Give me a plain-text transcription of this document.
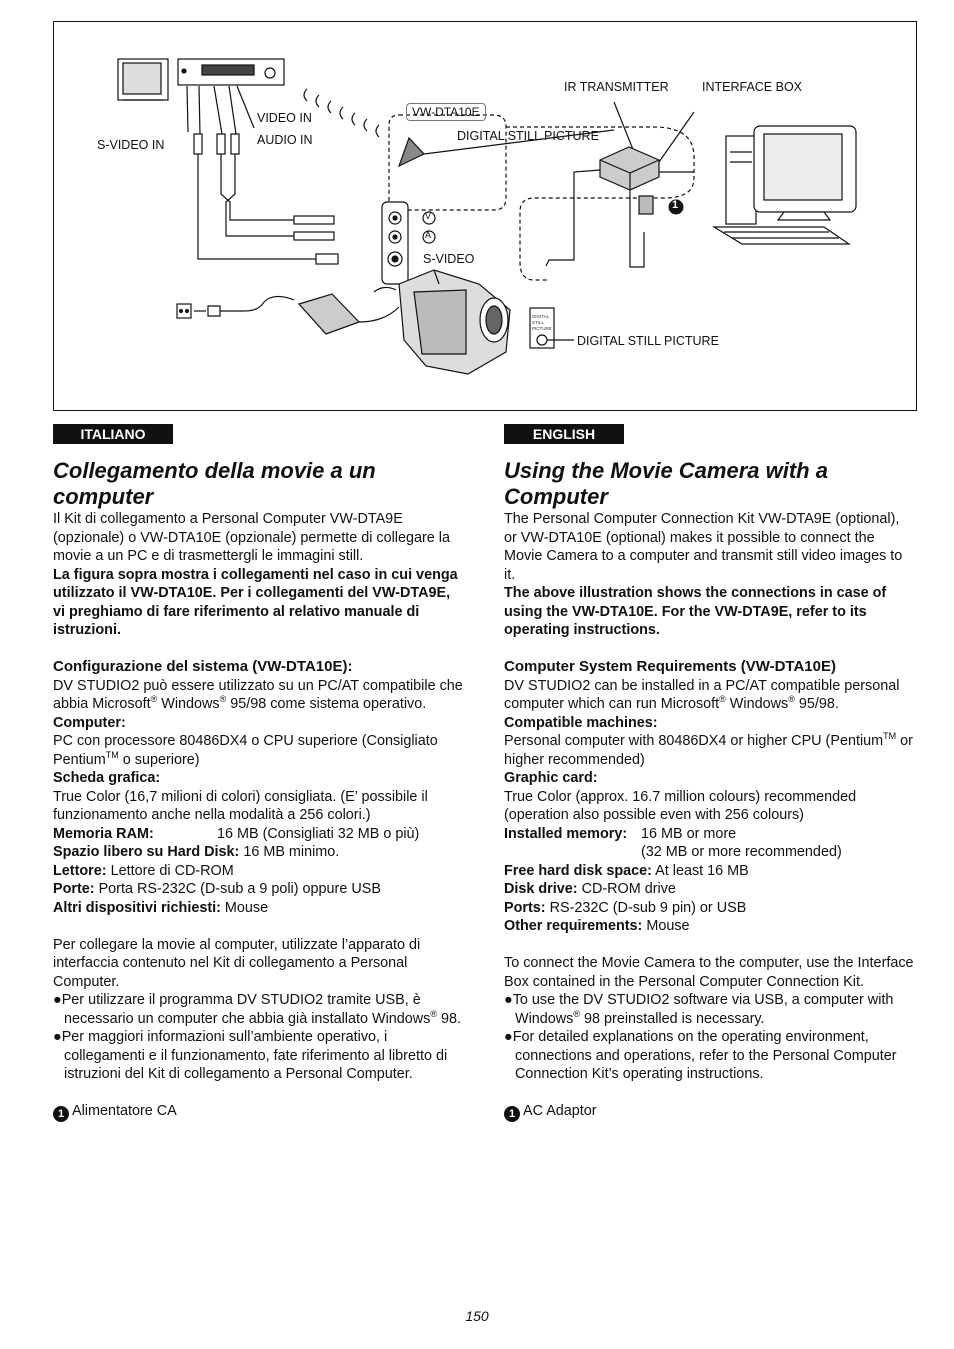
VIDEO IN
AUDIO IN
S-VIDEO IN
VW-DTA10E
IR TRANSMITTER	INTERFACE BOX
DIGITAL STILL PICTURE
S-VIDEO
DIGITAL STILL PICTURE
V
A
1
DIGITAL
STILL
PICTURE
ITALIANO	ENGLISH

Collegamento della movie a un computer

Il Kit di collegamento a Personal Computer VW-DTA9E (opzionale) o VW-DTA10E (opzionale) permette di collegare la movie a un PC e di trasmettergli le immagini still.

La figura sopra mostra i collegamenti nel caso in cui venga utilizzato il VW-DTA10E. Per i collegamenti del VW-DTA9E, vi preghiamo di fare riferimento al relativo manuale di istruzioni.

Configurazione del sistema (VW-DTA10E):

DV STUDIO2 può essere utilizzato su un PC/AT compatibile che abbia Microsoft® Windows® 95/98 come sistema operativo.

Computer:

PC con processore 80486DX4 o CPU superiore (Consigliato Pentium™ o superiore)

Scheda grafica:

True Color (16,7 milioni di colori) consigliata. (E’ possibile il funzionamento anche nella modalità a 256 colori.)

Memoria RAM:	16 MB (Consigliati 32 MB o più)

Spazio libero su Hard Disk: 16 MB minimo.

Lettore: Lettore di CD-ROM

Porte: Porta RS-232C (D-sub a 9 poli) oppure USB

Altri dispositivi richiesti: Mouse

Per collegare la movie al computer, utilizzate l’apparato di interfaccia contenuto nel Kit di collegamento a Personal Computer.

●Per utilizzare il programma DV STUDIO2 tramite USB, è necessario un computer che abbia già installato Windows® 98.

●Per maggiori informazioni sull’ambiente operativo, i collegamenti e il funzionamento, fate riferimento al libretto di istruzioni del Kit di collegamento a Personal Computer.

1 Alimentatore CA

Using the Movie Camera with a Computer

The Personal Computer Connection Kit VW-DTA9E (optional), or VW-DTA10E (optional) makes it possible to connect the Movie Camera to a computer and transmit still video images to it.

The above illustration shows the connections in case of using the VW-DTA10E. For the VW-DTA9E, refer to its operating instructions.

Computer System Requirements (VW-DTA10E)

DV STUDIO2 can be installed in a PC/AT compatible personal computer which can run Microsoft® Windows® 95/98.

Compatible machines:

Personal computer with 80486DX4 or higher CPU (Pentium™ or higher recommended)

Graphic card:

True Color (approx. 16.7 million colours) recommended (operation also possible even with 256 colours)

Installed memory: 16 MB or more

(32 MB or more recommended)

Free hard disk space: At least 16 MB

Disk drive: CD-ROM drive

Ports: RS-232C (D-sub 9 pin) or USB

Other requirements: Mouse

To connect the Movie Camera to the computer, use the Interface Box contained in the Personal Computer Connection Kit.

●To use the DV STUDIO2 software via USB, a computer with Windows® 98 preinstalled is necessary.

●For detailed explanations on the operating environment, connections and operations, refer to the Personal Computer Connection Kit’s operating instructions.

1 AC Adaptor

150
